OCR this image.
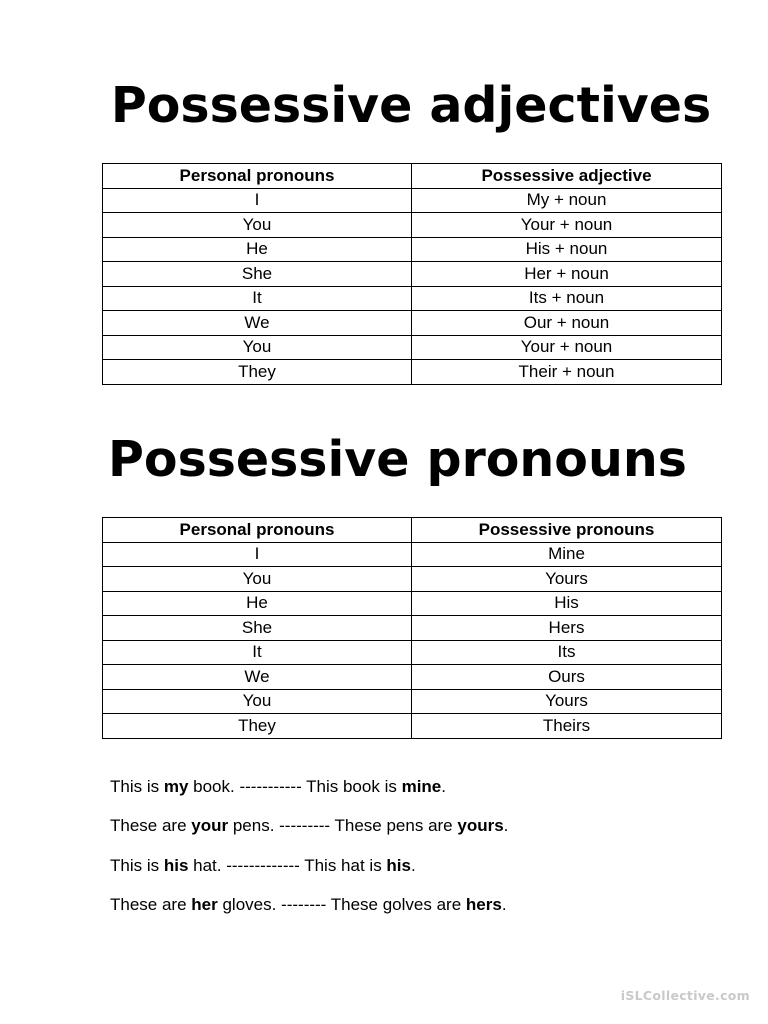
Possessive adjectives
Personal pronouns	Possessive adjective
I	My + noun
You	Your + noun
He	His + noun
She	Her + noun
It	Its + noun
We	Our + noun
You	Your + noun
They	Their + noun
Possessive pronouns
Personal pronouns	Possessive pronouns
I	Mine
You	Yours
He	His
She	Hers
It	Its
We	Ours
You	Yours
They	Theirs

This is my book. ----------- This book is mine.

These are your pens. --------- These pens are yours.

This is his hat. ------------- This hat is his.

These are her gloves. -------- These golves are hers.

iSLCollective.com
